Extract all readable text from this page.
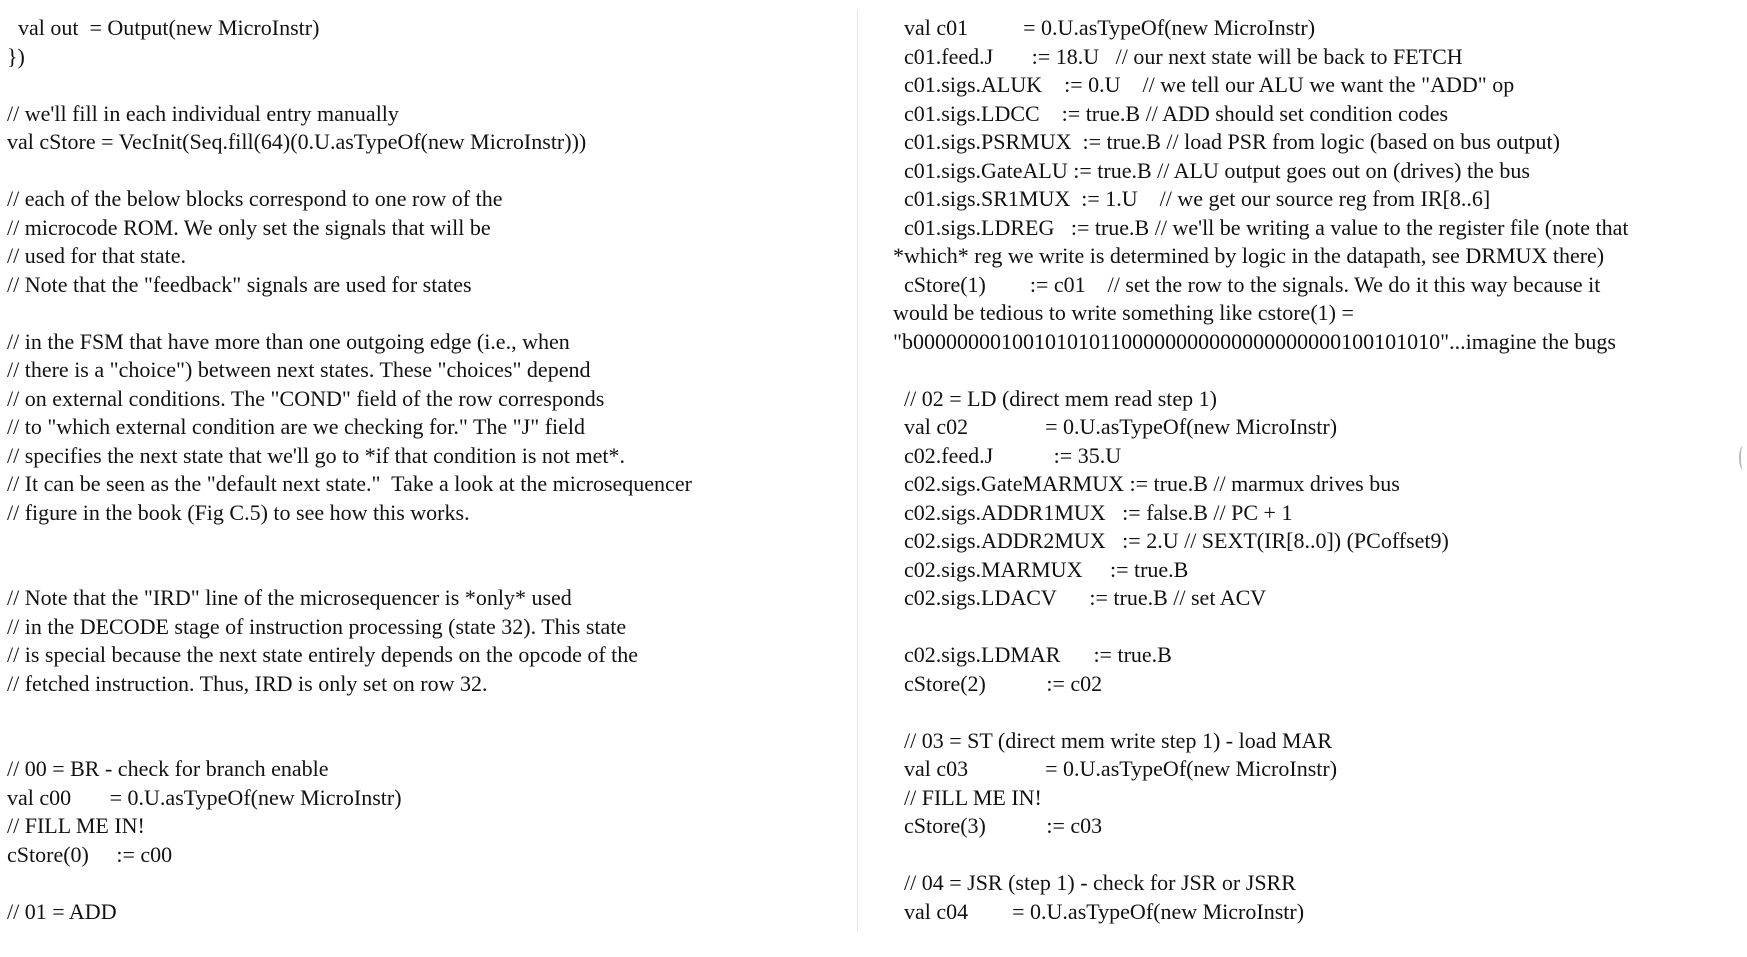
val out  = Output(new MicroInstr)
})
// we'll fill in each individual entry manually
val cStore = VecInit(Seq.fill(64)(0.U.asTypeOf(new MicroInstr)))
// each of the below blocks correspond to one row of the
// microcode ROM. We only set the signals that will be
// used for that state.
// Note that the "feedback" signals are used for states
// in the FSM that have more than one outgoing edge (i.e., when
// there is a "choice") between next states. These "choices" depend
// on external conditions. The "COND" field of the row corresponds
// to "which external condition are we checking for." The "J" field
// specifies the next state that we'll go to *if that condition is not met*.
// It can be seen as the "default next state."  Take a look at the microsequencer
// figure in the book (Fig C.5) to see how this works.
// Note that the "IRD" line of the microsequencer is *only* used
// in the DECODE stage of instruction processing (state 32). This state
// is special because the next state entirely depends on the opcode of the
// fetched instruction. Thus, IRD is only set on row 32.
// 00 = BR - check for branch enable
val c00       = 0.U.asTypeOf(new MicroInstr)
// FILL ME IN!
cStore(0)     := c00
// 01 = ADD
val c01          = 0.U.asTypeOf(new MicroInstr)
c01.feed.J       := 18.U   // our next state will be back to FETCH
c01.sigs.ALUK    := 0.U    // we tell our ALU we want the "ADD" op
c01.sigs.LDCC    := true.B // ADD should set condition codes
c01.sigs.PSRMUX  := true.B // load PSR from logic (based on bus output)
c01.sigs.GateALU := true.B // ALU output goes out on (drives) the bus
c01.sigs.SR1MUX  := 1.U    // we get our source reg from IR[8..6]
c01.sigs.LDREG   := true.B // we'll be writing a value to the register file (note that
*which* reg we write is determined by logic in the datapath, see DRMUX there)
cStore(1)        := c01    // set the row to the signals. We do it this way because it
would be tedious to write something like cstore(1) =
"b000000001001010101100000000000000000000100101010"...imagine the bugs
// 02 = LD (direct mem read step 1)
val c02              = 0.U.asTypeOf(new MicroInstr)
c02.feed.J           := 35.U
c02.sigs.GateMARMUX := true.B // marmux drives bus
c02.sigs.ADDR1MUX   := false.B // PC + 1
c02.sigs.ADDR2MUX   := 2.U // SEXT(IR[8..0]) (PCoffset9)
c02.sigs.MARMUX     := true.B
c02.sigs.LDACV      := true.B // set ACV
c02.sigs.LDMAR      := true.B
cStore(2)           := c02
// 03 = ST (direct mem write step 1) - load MAR
val c03              = 0.U.asTypeOf(new MicroInstr)
// FILL ME IN!
cStore(3)           := c03
// 04 = JSR (step 1) - check for JSR or JSRR
val c04        = 0.U.asTypeOf(new MicroInstr)
